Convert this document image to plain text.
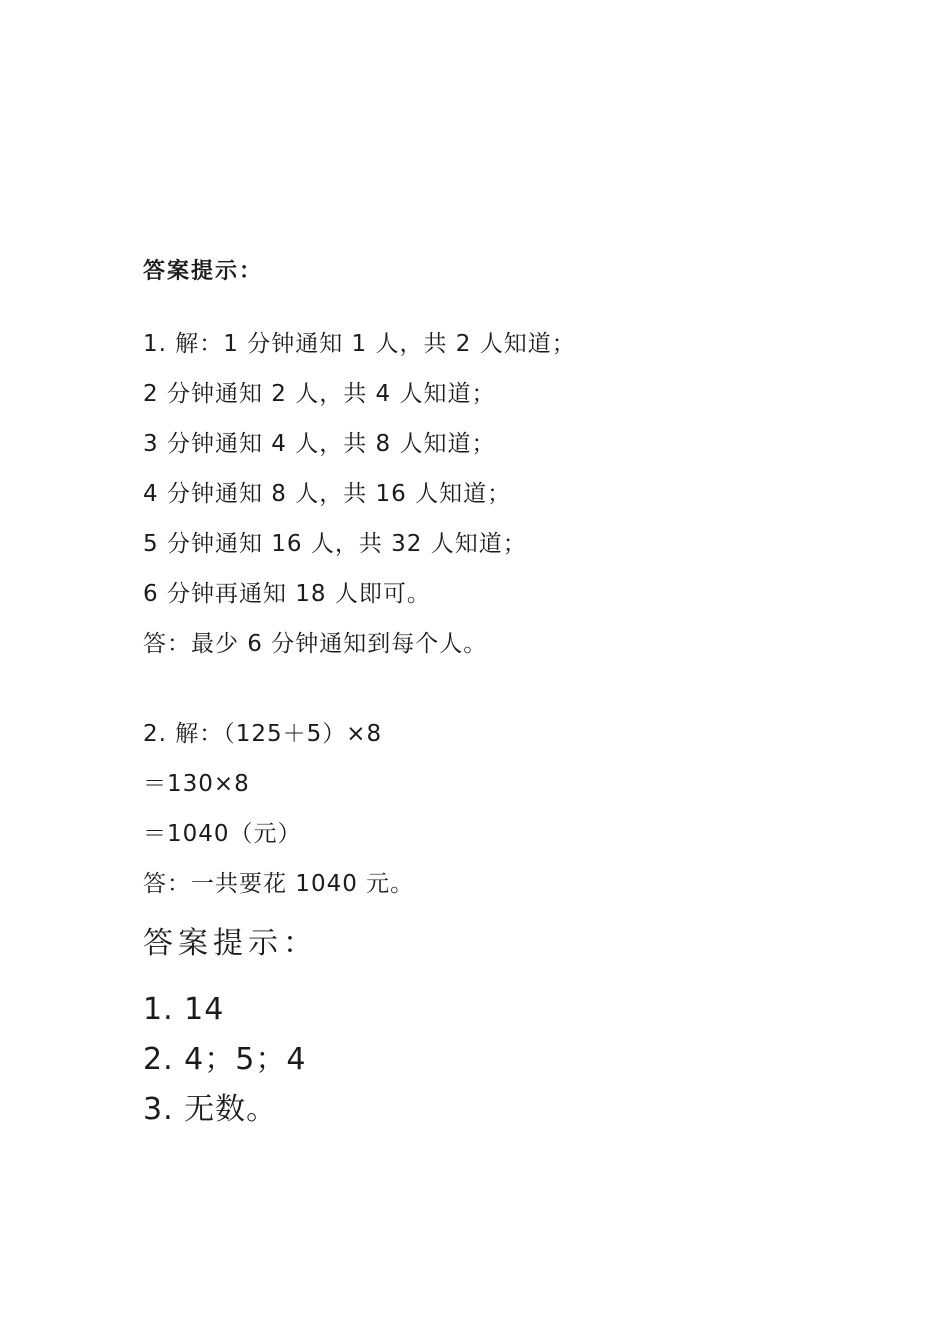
答案提示：

1. 解：1 分钟通知 1 人，共 2 人知道；

2 分钟通知 2 人，共 4 人知道；

3 分钟通知 4 人，共 8 人知道；

4 分钟通知 8 人，共 16 人知道；

5 分钟通知 16 人，共 32 人知道；

6 分钟再通知 18 人即可。

答：最少 6 分钟通知到每个人。

2. 解：（125＋5）×8

＝130×8

＝1040（元）

答：一共要花 1040 元。

答案提示：

1. 14

2. 4；5；4

3. 无数。
